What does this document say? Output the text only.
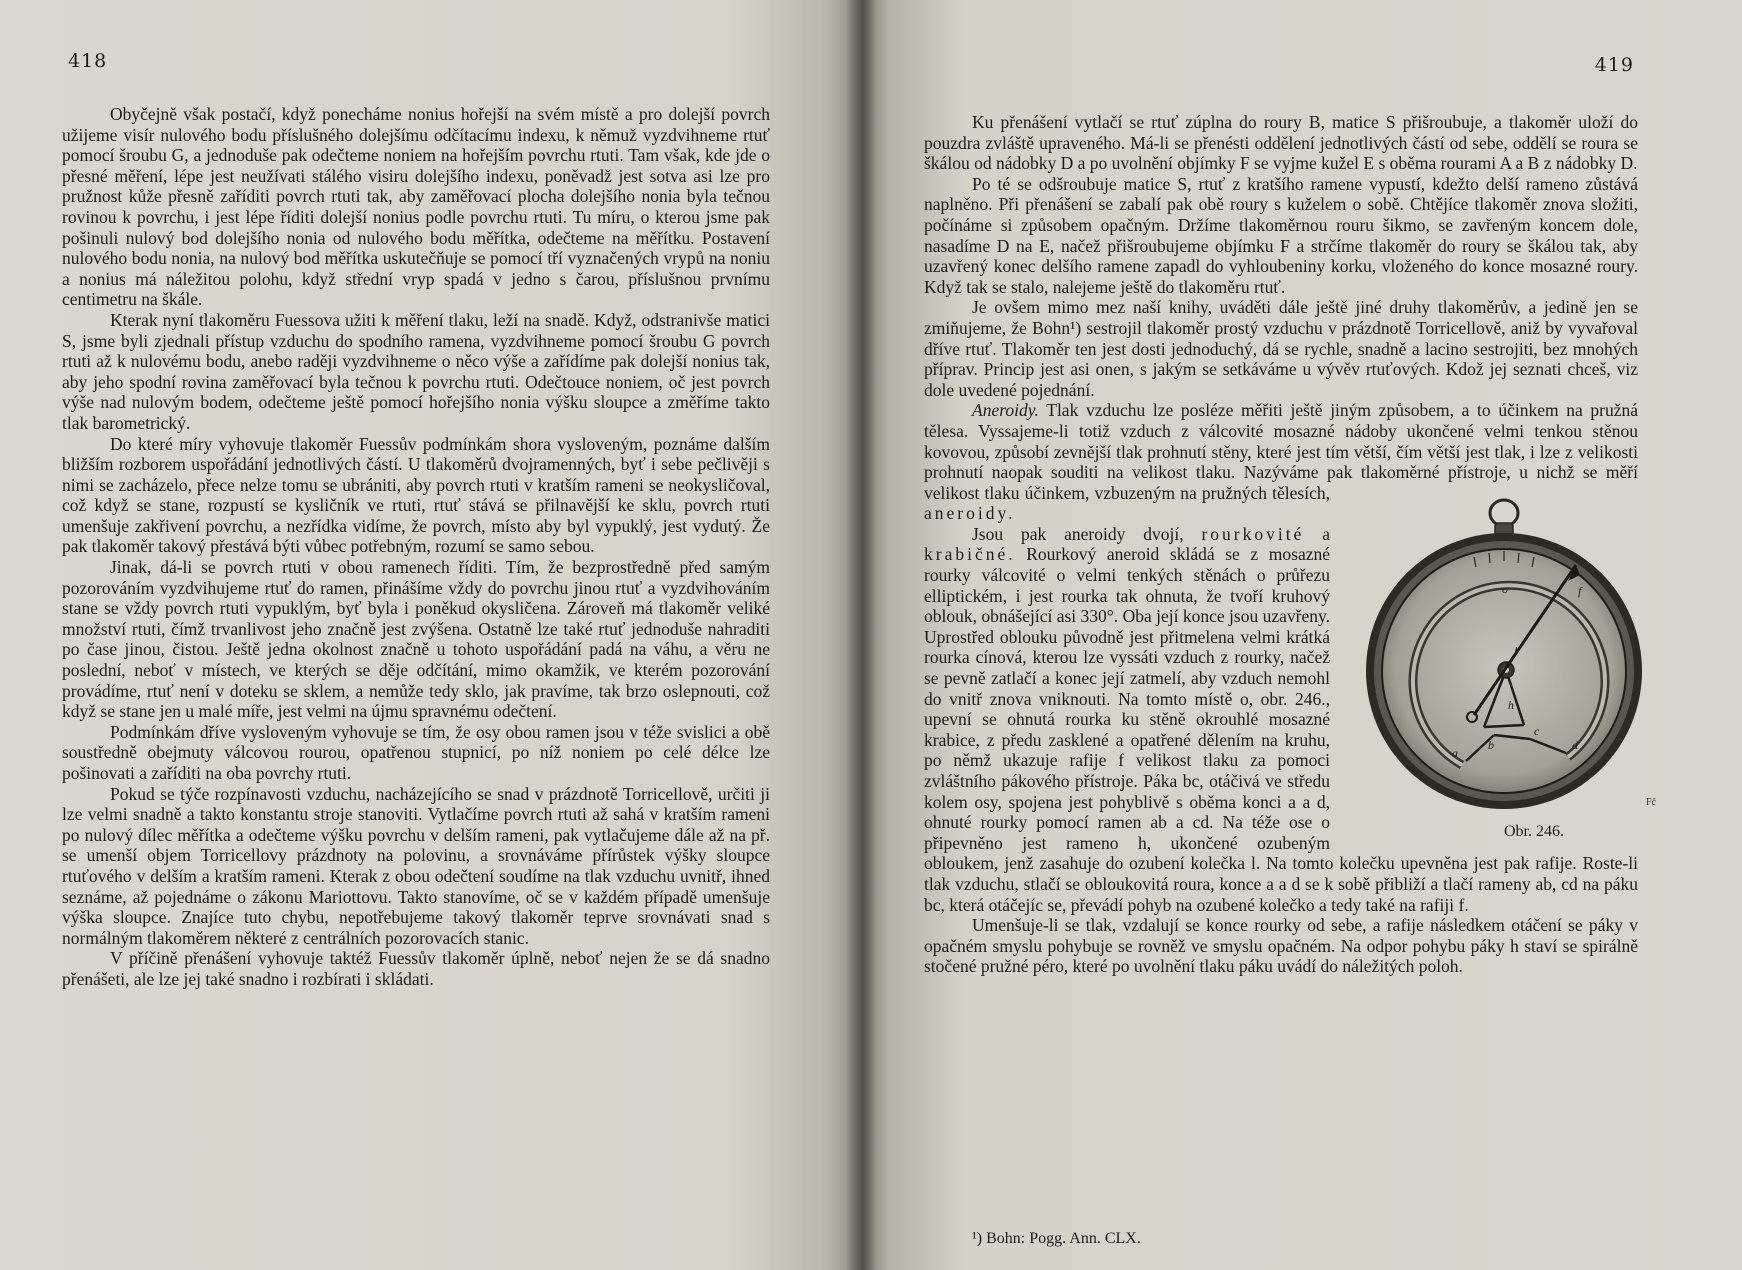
418

Obyčejně však postačí, když ponecháme nonius hořejší na svém místě a pro dolejší povrch užijeme visír nulového bodu příslušného dolejšímu odčítacímu indexu, k němuž vyzdvihneme rtuť pomocí šroubu G, a jednoduše pak odečteme noniem na hořejším povrchu rtuti. Tam však, kde jde o přesné měření, lépe jest neužívati stálého visiru dolejšího indexu, poněvadž jest sotva asi lze pro pružnost kůže přesně zaříditi povrch rtuti tak, aby zaměřovací plocha dolejšího nonia byla tečnou rovinou k povrchu, i jest lépe říditi dolejší nonius podle povrchu rtuti. Tu míru, o kterou jsme pak pošinuli nulový bod dolejšího nonia od nulového bodu měřítka, odečteme na měřítku. Postavení nulového bodu nonia, na nulový bod měřítka uskutečňuje se pomocí tří vyznačených vrypů na noniu a nonius má náležitou polohu, když střední vryp spadá v jedno s čarou, příslušnou prvnímu centimetru na škále.

Kterak nyní tlakoměru Fuessova užiti k měření tlaku, leží na snadě. Když, odstranivše matici S, jsme byli zjednali přístup vzduchu do spodního ramena, vyzdvihneme pomocí šroubu G povrch rtuti až k nulovému bodu, anebo raději vyzdvihneme o něco výše a zařídíme pak dolejší nonius tak, aby jeho spodní rovina zaměřovací byla tečnou k povrchu rtuti. Odečtouce noniem, oč jest povrch výše nad nulovým bodem, odečteme ještě pomocí hořejšího nonia výšku sloupce a změříme takto tlak barometrický.

Do které míry vyhovuje tlakoměr Fuessův podmínkám shora vysloveným, poznáme dalším bližším rozborem uspořádání jednotlivých částí. U tlakoměrů dvojramenných, byť i sebe pečlivěji s nimi se zacházelo, přece nelze tomu se ubrániti, aby povrch rtuti v kratším rameni se neokysličoval, což když se stane, rozpustí se kysličník ve rtuti, rtuť stává se přilnavější ke sklu, povrch rtuti umenšuje zakřivení povrchu, a nezřídka vidíme, že povrch, místo aby byl vypuklý, jest vydutý. Že pak tlakoměr takový přestává býti vůbec potřebným, rozumí se samo sebou.

Jinak, dá-li se povrch rtuti v obou ramenech říditi. Tím, že bezprostředně před samým pozorováním vyzdvihujeme rtuť do ramen, přinášíme vždy do povrchu jinou rtuť a vyzdvihováním stane se vždy povrch rtuti vypuklým, byť byla i poněkud okysličena. Zároveň má tlakoměr veliké množství rtuti, čímž trvanlivost jeho značně jest zvýšena. Ostatně lze také rtuť jednoduše nahraditi po čase jinou, čistou. Ještě jedna okolnost značně u tohoto uspořádání padá na váhu, a věru ne poslední, neboť v místech, ve kterých se děje odčítání, mimo okamžik, ve kterém pozorování provádíme, rtuť není v doteku se sklem, a nemůže tedy sklo, jak pravíme, tak brzo oslepnouti, což když se stane jen u malé míře, jest velmi na újmu spravnému odečtení.

Podmínkám dříve vysloveným vyhovuje se tím, že osy obou ramen jsou v téže svislici a obě soustředně obejmuty válcovou rourou, opatřenou stupnicí, po níž noniem po celé délce lze pošinovati a zaříditi na oba povrchy rtuti.

Pokud se týče rozpínavosti vzduchu, nacházejícího se snad v prázdnotě Torricellově, určiti ji lze velmi snadně a takto konstantu stroje stanoviti. Vytlačíme povrch rtuti až sahá v kratším rameni po nulový dílec měřítka a odečteme výšku povrchu v delším rameni, pak vytlačujeme dále až na př. se umenší objem Torricellovy prázdnoty na polovinu, a srovnáváme přírůstek výšky sloupce rtuťového v delším a kratším rameni. Kterak z obou odečtení soudíme na tlak vzduchu uvnitř, ihned seznáme, až pojednáme o zákonu Mariottovu. Takto stanovíme, oč se v každém případě umenšuje výška sloupce. Znajíce tuto chybu, nepotřebujeme takový tlakoměr teprve srovnávati snad s normálným tlakoměrem některé z centrálních pozorovacích stanic.

V příčině přenášení vyhovuje taktéž Fuessův tlakoměr úplně, neboť nejen že se dá snadno přenášeti, ale lze jej také snadno i rozbírati i skládati.

419

Ku přenášení vytlačí se rtuť zúplna do roury B, matice S přišroubuje, a tlakoměr uloží do pouzdra zvláště upraveného. Má-li se přenésti oddělení jednotlivých částí od sebe, oddělí se roura se škálou od nádobky D a po uvolnění objímky F se vyjme kužel E s oběma rourami A a B z nádobky D.

Po té se odšroubuje matice S, rtuť z kratšího ramene vypustí, kdežto delší rameno zůstává naplněno. Při přenášení se zabalí pak obě roury s kuželem o sobě. Chtějíce tlakoměr znova složiti, počínáme si způsobem opačným. Držíme tlakoměrnou rouru šikmo, se zavřeným koncem dole, nasadíme D na E, načež přišroubujeme objímku F a strčíme tlakoměr do roury se škálou tak, aby uzavřený konec delšího ramene zapadl do vyhloubeniny korku, vloženého do konce mosazné roury. Když tak se stalo, nalejeme ještě do tlakoměru rtuť.

Je ovšem mimo mez naší knihy, uváděti dále ještě jiné druhy tlakoměrův, a jedině jen se zmiňujeme, že Bohn¹) sestrojil tlakoměr prostý vzduchu v prázdnotě Torricellově, aniž by vyvařoval dříve rtuť. Tlakoměr ten jest dosti jednoduchý, dá se rychle, snadně a lacino sestrojiti, bez mnohých příprav. Princip jest asi onen, s jakým se setkáváme u vývěv rtuťových. Kdož jej seznati chceš, viz dole uvedené pojednání.

Aneroidy. Tlak vzduchu lze posléze měřiti ještě jiným způsobem, a to účinkem na pružná tělesa. Vyssajeme-li totiž vzduch z válcovité mosazné nádoby ukončené velmi tenkou stěnou kovovou, způsobí zevnější tlak prohnutí stěny, které jest tím větší, čím větší jest tlak, i lze z velikosti prohnutí naopak souditi na velikost tlaku. Nazýváme pak tlakoměrné přístroje, u nichž se měří velikost tlaku účinkem, vzbuzeným na pružných tělesích,
a
b
c
d
f
h
l
o
Fč
Obr. 246.
aneroidy.

Jsou pak aneroidy dvojí, rourkovité a krabičné. Rourkový aneroid skládá se z mosazné rourky válcovité o velmi tenkých stěnách o průřezu elliptickém, i jest rourka tak ohnuta, že tvoří kruhový oblouk, obnášející asi 330°. Oba její konce jsou uzavřeny. Uprostřed oblouku původně jest přitmelena velmi krátká rourka cínová, kterou lze vyssáti vzduch z rourky, načež se pevně zatlačí a konec její zatmelí, aby vzduch nemohl do vnitř znova vniknouti. Na tomto místě o, obr. 246., upevní se ohnutá rourka ku stěně okrouhlé mosazné krabice, z předu zasklené a opatřené dělením na kruhu, po němž ukazuje rafije f velikost tlaku za pomoci zvláštního pákového přístroje. Páka bc, otáčivá ve středu kolem osy, spojena jest pohyblivě s oběma konci a a d, ohnuté rourky pomocí ramen ab a cd. Na téže ose o připevněno jest rameno h, ukončené ozubeným obloukem, jenž zasahuje do ozubení kolečka l. Na tomto kolečku upevněna jest pak rafije. Roste-li tlak vzduchu, stlačí se obloukovitá roura, konce a a d se k sobě přibliží a tlačí rameny ab, cd na páku bc, která otáčejíc se, převádí pohyb na ozubené kolečko a tedy také na rafiji f.

Umenšuje-li se tlak, vzdalují se konce rourky od sebe, a rafije následkem otáčení se páky v opačném smyslu pohybuje se rovněž ve smyslu opačném. Na odpor pohybu páky h staví se spirálně stočené pružné péro, které po uvolnění tlaku páku uvádí do náležitých poloh.

¹) Bohn: Pogg. Ann. CLX.
